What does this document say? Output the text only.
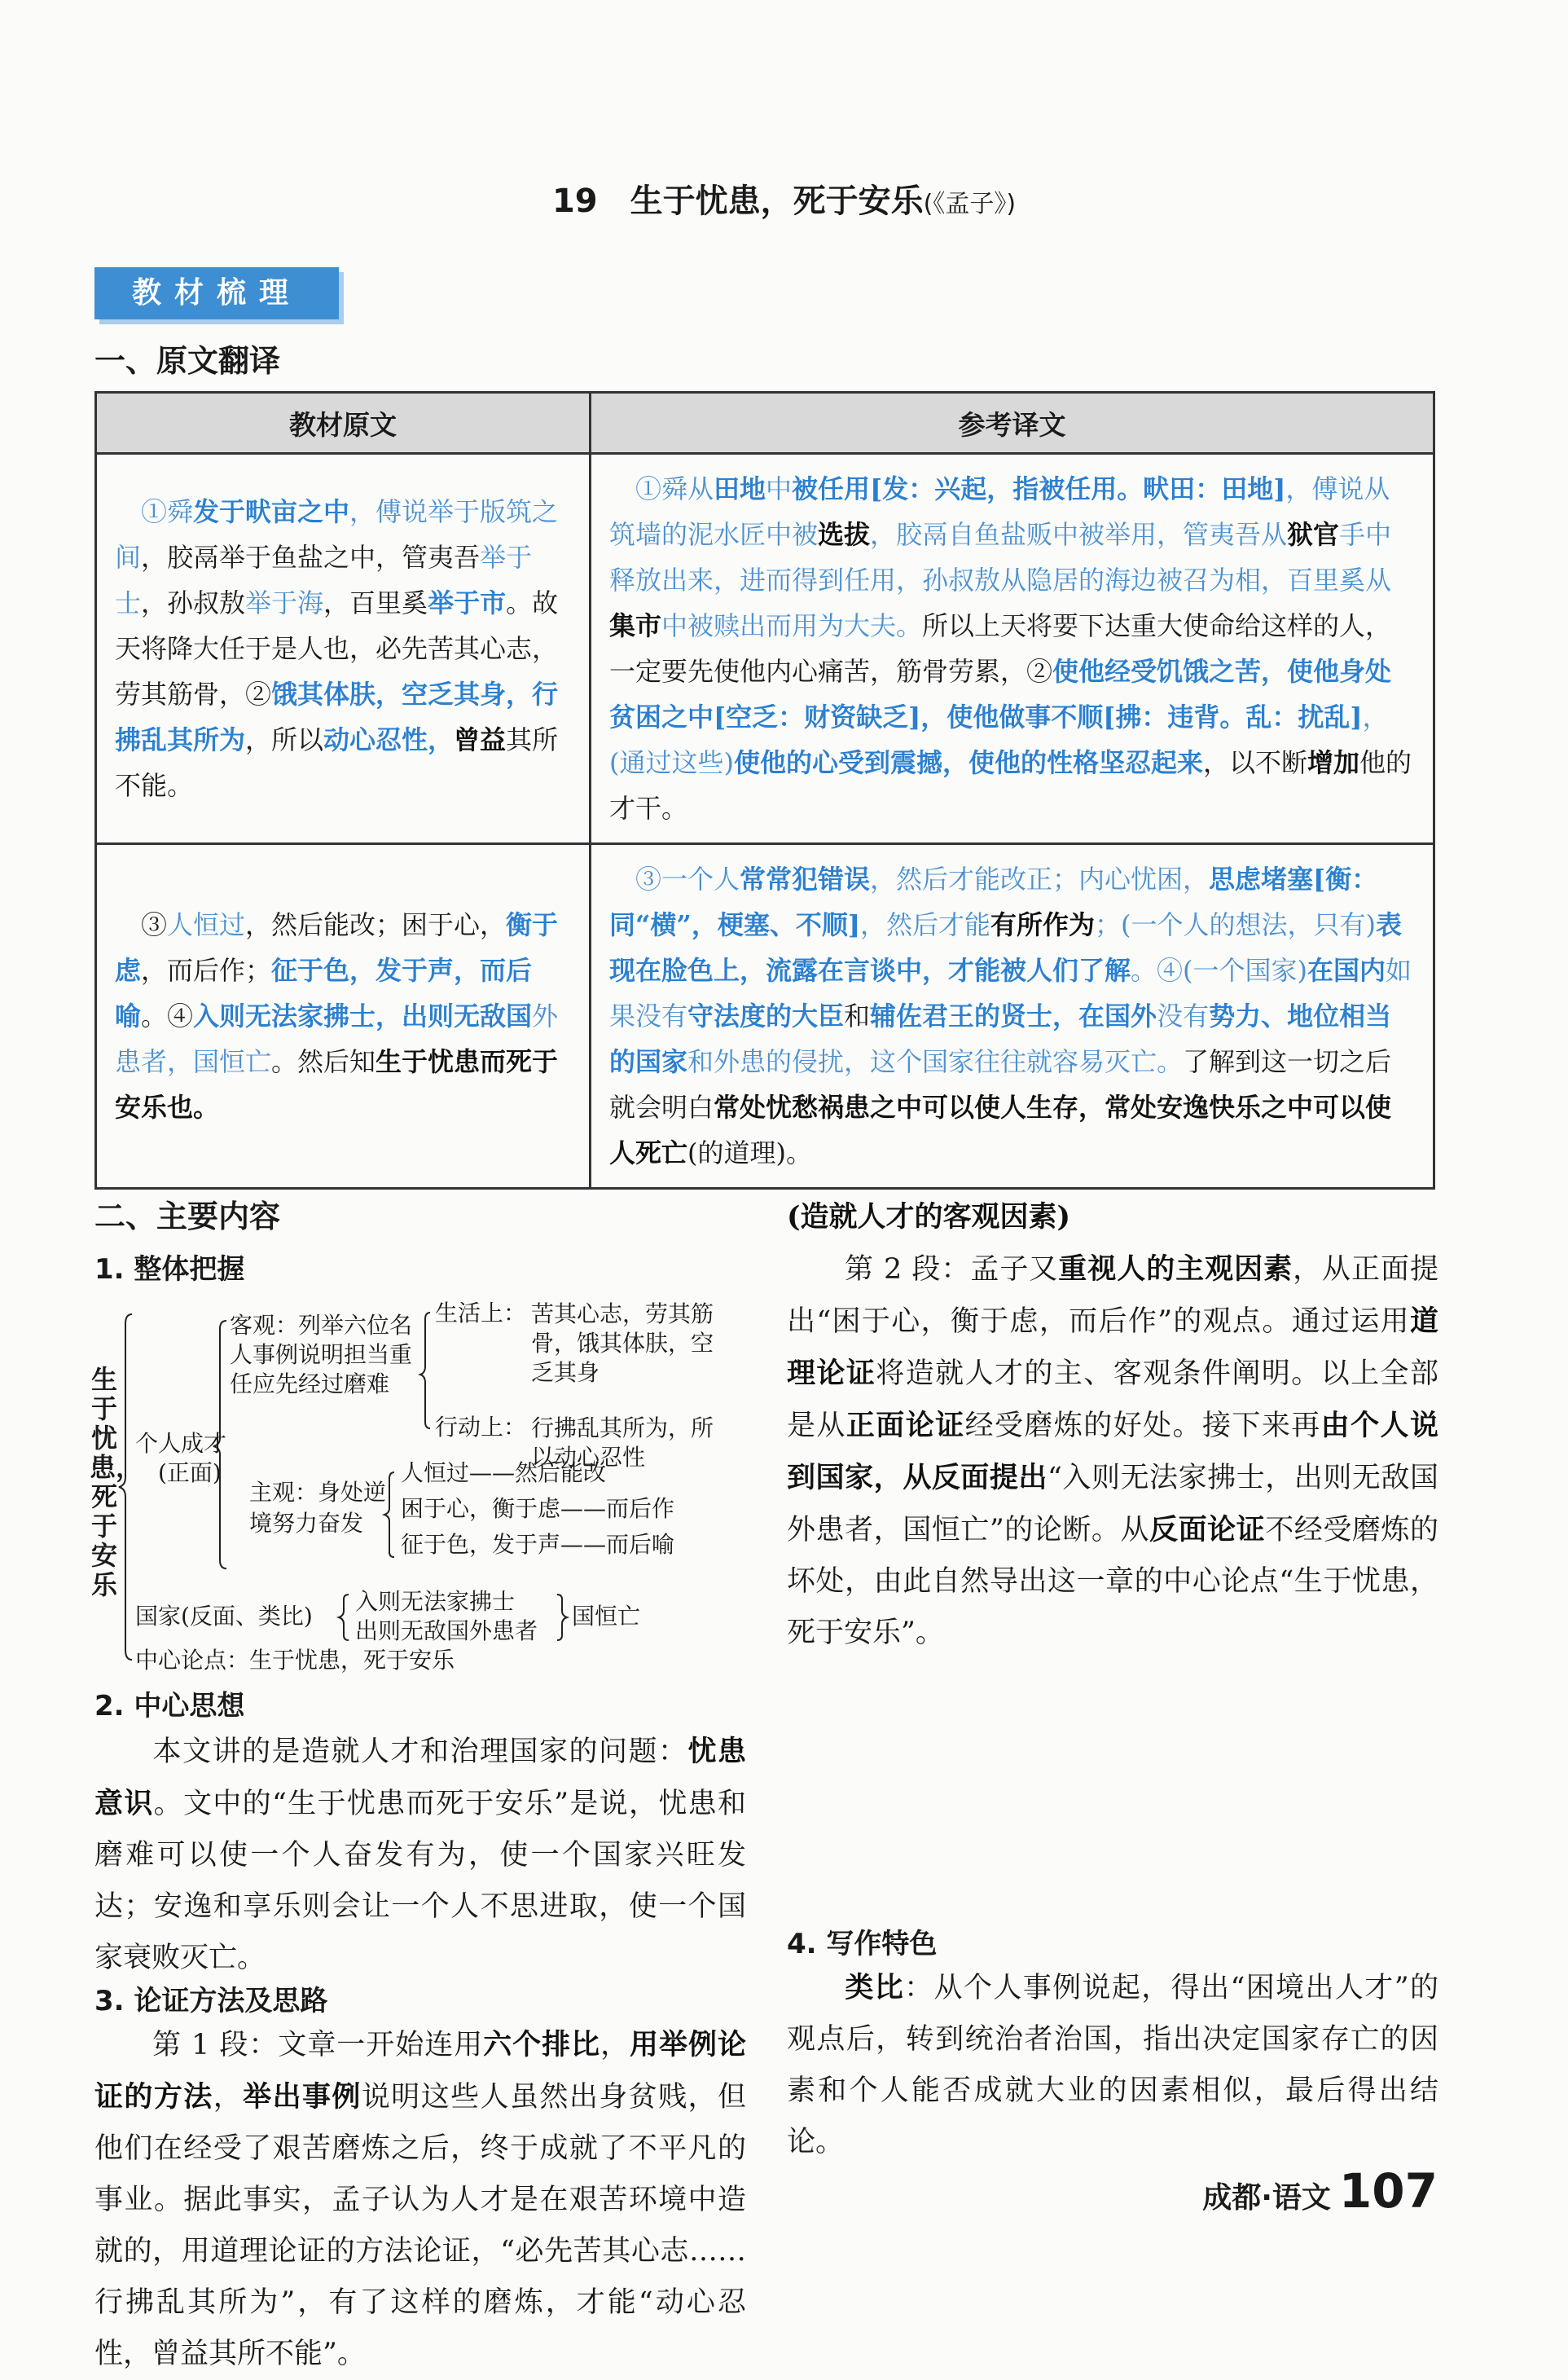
19 生于忧患，死于安乐(《孟子》)
教材梳理
一、原文翻译
教材原文	参考译文
 ①舜发于畎亩之中，傅说举于版筑之间，胶鬲举于鱼盐之中，管夷吾举于士，孙叔敖举于海，百里奚举于市。故天将降大任于是人也，必先苦其心志，劳其筋骨，②饿其体肤，空乏其身，行拂乱其所为，所以动心忍性，曾益其所不能。	 ①舜从田地中被任用[发：兴起，指被任用。畎田：田地]，傅说从筑墙的泥水匠中被选拔，胶鬲自鱼盐贩中被举用，管夷吾从狱官手中释放出来，进而得到任用，孙叔敖从隐居的海边被召为相，百里奚从集市中被赎出而用为大夫。所以上天将要下达重大使命给这样的人，一定要先使他内心痛苦，筋骨劳累，②使他经受饥饿之苦，使他身处贫困之中[空乏：财资缺乏]，使他做事不顺[拂：违背。乱：扰乱]，(通过这些)使他的心受到震撼，使他的性格坚忍起来，以不断增加他的才干。
 ③人恒过，然后能改；困于心，衡于虑，而后作；征于色，发于声，而后喻。④入则无法家拂士，出则无敌国外患者，国恒亡。然后知生于忧患而死于安乐也。	 ③一个人常常犯错误，然后才能改正；内心忧困，思虑堵塞[衡：同“横”，梗塞、不顺]，然后才能有所作为；(一个人的想法，只有)表现在脸色上，流露在言谈中，才能被人们了解。④(一个国家)在国内如果没有守法度的大臣和辅佐君王的贤士，在国外没有势力、地位相当的国家和外患的侵扰，这个国家往往就容易灭亡。了解到这一切之后就会明白常处忧愁祸患之中可以使人生存，常处安逸快乐之中可以使人死亡(的道理)。
二、主要内容
1. 整体把握
生于忧患，死于安乐
个人成才
(正面)
客观：列举六位名人事例说明担当重任应先经过磨难
生活上： 苦其心志，劳其筋骨，饿其体肤，空乏其身
行动上： 行拂乱其所为，所以动心忍性
主观：身处逆境努力奋发
人恒过——然后能改
困于心，衡于虑——而后作
征于色，发于声——而后喻
国家(反面、类比)
入则无法家拂士
出则无敌国外患者
国恒亡
中心论点：生于忧患，死于安乐
2. 中心思想
  本文讲的是造就人才和治理国家的问题：忧患意识。文中的“生于忧患而死于安乐”是说，忧患和磨难可以使一个人奋发有为，使一个国家兴旺发达；安逸和享乐则会让一个人不思进取，使一个国家衰败灭亡。
3. 论证方法及思路
  第 1 段：文章一开始连用六个排比，用举例论证的方法，举出事例说明这些人虽然出身贫贱，但他们在经受了艰苦磨炼之后，终于成就了不平凡的事业。据此事实，孟子认为人才是在艰苦环境中造就的，用道理论证的方法论证，“必先苦其心志……行拂乱其所为”，有了这样的磨炼，才能“动心忍性，曾益其所不能”。
(造就人才的客观因素)
  第 2 段：孟子又重视人的主观因素，从正面提出“困于心，衡于虑，而后作”的观点。通过运用道理论证将造就人才的主、客观条件阐明。以上全部是从正面论证经受磨炼的好处。接下来再由个人说到国家，从反面提出“入则无法家拂士，出则无敌国外患者，国恒亡”的论断。从反面论证不经受磨炼的坏处，由此自然导出这一章的中心论点“生于忧患，死于安乐”。
4. 写作特色
  类比：从个人事例说起，得出“困境出人才”的观点后，转到统治者治国，指出决定国家存亡的因素和个人能否成就大业的因素相似，最后得出结论。
成都·语文 107
